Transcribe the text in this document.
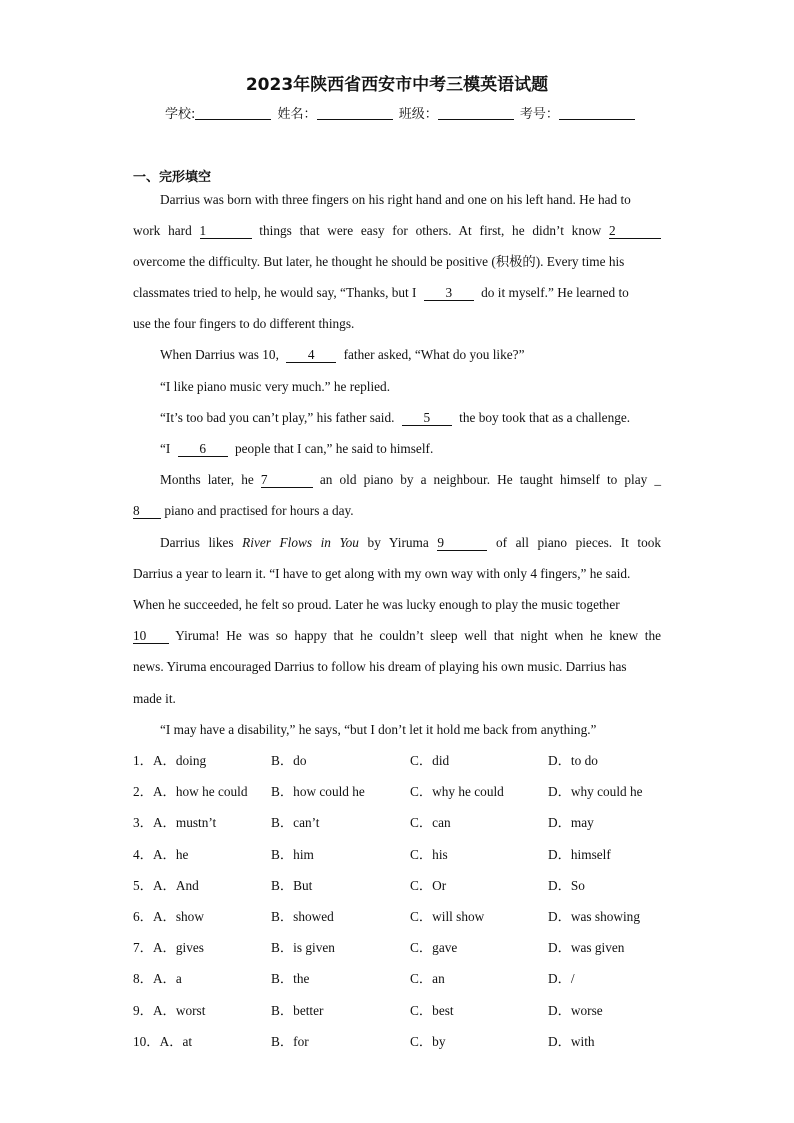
2023年陕西省西安市中考三模英语试题
学校:	姓名：	班级：	考号：
一、完形填空
Darrius was born with three fingers on his right hand and one on his left hand. He had to
work hard 1	things that were easy for others. At first, he didn’t know 2
overcome the difficulty. But later, he thought he should be positive (积极的). Every time his
classmates tried to help, he would say, “Thanks, but I 3 do it myself.” He learned to
use the four fingers to do different things.
When Darrius was 10, 4 father asked, “What do you like?”
“I like piano music very much.” he replied.
“It’s too bad you can’t play,” his father said. 5 the boy took that as a challenge.
“I 6 people that I can,” he said to himself.
Months later, he 7	an old piano by a neighbour. He taught himself to play _
8 piano and practised for hours a day.
Darrius likes River Flows in You by Yiruma 9	of all piano pieces. It took
Darrius a year to learn it. “I have to get along with my own way with only 4 fingers,” he said.
When he succeeded, he felt so proud. Later he was lucky enough to play the music together
10 Yiruma! He was so happy that he couldn’t sleep well that night when he knew the
news. Yiruma encouraged Darrius to follow his dream of playing his own music. Darrius has
made it.
“I may have a disability,” he says, “but I don’t let it hold me back from anything.”
1．A．doing	B．do	C．did	D．to do
2．A．how he could B．how could he	C．why he could	D．why could he
3．A．mustn’t	B．can’t	C．can	D．may
4．A．he	B．him	C．his	D．himself
5．A．And	B．But	C．Or	D．So
6．A．show	B．showed	C．will show	D．was showing
7．A．gives	B．is given	C．gave	D．was given
8．A．a	B．the	C．an	D．/
9．A．worst	B．better	C．best	D．worse
10．A．at	B．for	C．by	D．with
